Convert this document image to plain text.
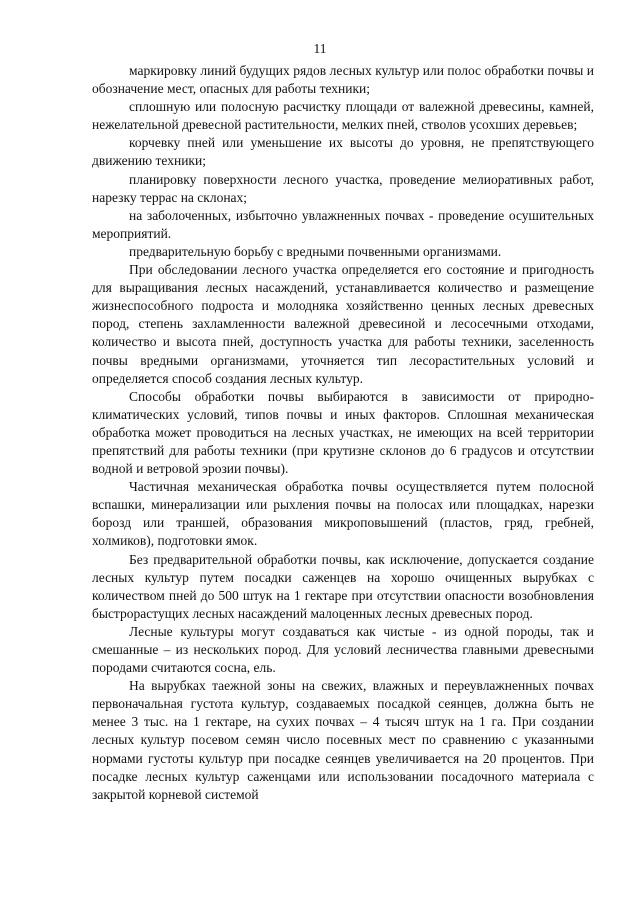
11

маркировку линий будущих рядов лесных культур или полос обработки почвы и обозначение мест, опасных для работы техники;

сплошную или полосную расчистку площади от валежной древесины, камней, нежелательной древесной растительности, мелких пней, стволов усохших деревьев;

корчевку пней или уменьшение их высоты до уровня, не препятствующего движению техники;

планировку поверхности лесного участка, проведение мелиоративных работ, нарезку террас на склонах;

на заболоченных, избыточно увлажненных почвах - проведение осушительных мероприятий.

предварительную борьбу с вредными почвенными организмами.

При обследовании лесного участка определяется его состояние и пригодность для выращивания лесных насаждений, устанавливается количество и размещение жизнеспособного подроста и молодняка хозяйственно ценных лесных древесных пород, степень захламленности валежной древесиной и лесосечными отходами, количество и высота пней, доступность участка для работы техники, заселенность почвы вредными организмами, уточняется тип лесорастительных условий и определяется способ создания лесных культур.

Способы обработки почвы выбираются в зависимости от природно-климатических условий, типов почвы и иных факторов. Сплошная механическая обработка может проводиться на лесных участках, не имеющих на всей территории препятствий для работы техники (при крутизне склонов до 6 градусов и отсутствии водной и ветровой эрозии почвы).

Частичная механическая обработка почвы осуществляется путем полосной вспашки, минерализации или рыхления почвы на полосах или площадках, нарезки борозд или траншей, образования микроповышений (пластов, гряд, гребней, холмиков), подготовки ямок.

Без предварительной обработки почвы, как исключение, допускается создание лесных культур путем посадки саженцев на хорошо очищенных вырубках с количеством пней до 500 штук на 1 гектаре при отсутствии опасности возобновления быстрорастущих лесных насаждений малоценных лесных древесных пород.

Лесные культуры могут создаваться как чистые - из одной породы, так и смешанные – из нескольких пород. Для условий лесничества главными древесными породами считаются сосна, ель.

На вырубках таежной зоны на свежих, влажных и переувлажненных почвах первоначальная густота культур, создаваемых посадкой сеянцев, должна быть не менее 3 тыс. на 1 гектаре, на сухих почвах – 4 тысяч штук на 1 га. При создании лесных культур посевом семян число посевных мест по сравнению с указанными нормами густоты культур при посадке сеянцев увеличивается на 20 процентов. При посадке лесных культур саженцами или использовании посадочного материала с закрытой корневой системой
